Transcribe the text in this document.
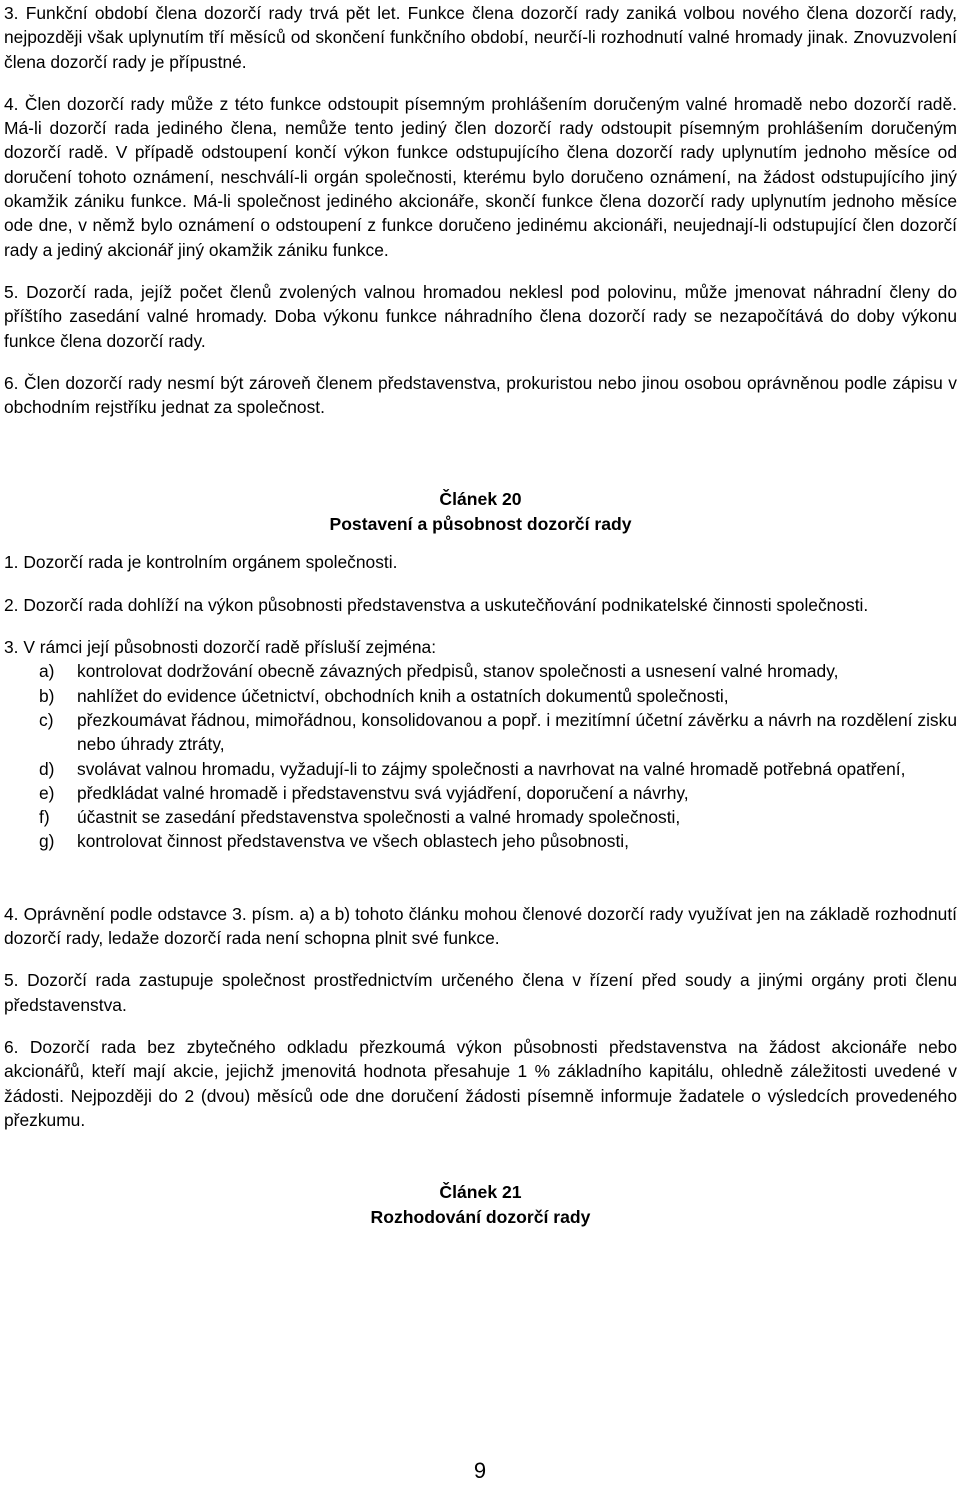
3. Funkční období člena dozorčí rady trvá pět let. Funkce člena dozorčí rady zaniká volbou nového člena dozorčí rady, nejpozději však uplynutím tří měsíců od skončení funkčního období, neurčí-li rozhodnutí valné hromady jinak. Znovuzvolení člena dozorčí rady je přípustné.

4. Člen dozorčí rady může z této funkce odstoupit písemným prohlášením doručeným valné hromadě nebo dozorčí radě. Má-li dozorčí rada jediného člena, nemůže tento jediný člen dozorčí rady odstoupit písemným prohlášením doručeným dozorčí radě. V případě odstoupení končí výkon funkce odstupujícího člena dozorčí rady uplynutím jednoho měsíce od doručení tohoto oznámení, neschválí-li orgán společnosti, kterému bylo doručeno oznámení, na žádost odstupujícího jiný okamžik zániku funkce. Má-li společnost jediného akcionáře, skončí funkce člena dozorčí rady uplynutím jednoho měsíce ode dne, v němž bylo oznámení o odstoupení z funkce doručeno jedinému akcionáři, neujednají-li odstupující člen dozorčí rady a jediný akcionář jiný okamžik zániku funkce.

5. Dozorčí rada, jejíž počet členů zvolených valnou hromadou neklesl pod polovinu, může jmenovat náhradní členy do příštího zasedání valné hromady. Doba výkonu funkce náhradního člena dozorčí rady se nezapočítává do doby výkonu funkce člena dozorčí rady.

6. Člen dozorčí rady nesmí být zároveň členem představenstva, prokuristou nebo jinou osobou oprávněnou podle zápisu v obchodním rejstříku jednat za společnost.

Článek 20
Postavení a působnost dozorčí rady

1. Dozorčí rada je kontrolním orgánem společnosti.

2. Dozorčí rada dohlíží na výkon působnosti představenstva a uskutečňování podnikatelské činnosti společnosti.

3. V rámci její působnosti dozorčí radě přísluší zejména:

a)	kontrolovat dodržování obecně závazných předpisů, stanov společnosti a usnesení valné hromady,
b)	nahlížet do evidence účetnictví, obchodních knih a ostatních dokumentů společnosti,
c)	přezkoumávat řádnou, mimořádnou, konsolidovanou a popř. i mezitímní účetní závěrku a návrh na rozdělení zisku nebo úhrady ztráty,
d)	svolávat valnou hromadu, vyžadují-li to zájmy společnosti a navrhovat na valné hromadě potřebná opatření,
e)	předkládat valné hromadě i představenstvu svá vyjádření, doporučení a návrhy,
f)	účastnit se zasedání představenstva společnosti a valné hromady společnosti,
g)	kontrolovat činnost představenstva ve všech oblastech jeho působnosti,

4. Oprávnění podle odstavce 3. písm. a) a b) tohoto článku mohou členové dozorčí rady využívat jen na základě rozhodnutí dozorčí rady, ledaže dozorčí rada není schopna plnit své funkce.

5. Dozorčí rada zastupuje společnost prostřednictvím určeného člena v řízení před soudy a jinými orgány proti členu představenstva.

6. Dozorčí rada bez zbytečného odkladu přezkoumá výkon působnosti představenstva na žádost akcionáře nebo akcionářů, kteří mají akcie, jejichž jmenovitá hodnota přesahuje 1 % základního kapitálu, ohledně záležitosti uvedené v žádosti. Nejpozději do 2 (dvou) měsíců ode dne doručení žádosti písemně informuje žadatele o výsledcích provedeného přezkumu.

Článek 21
Rozhodování dozorčí rady
9
